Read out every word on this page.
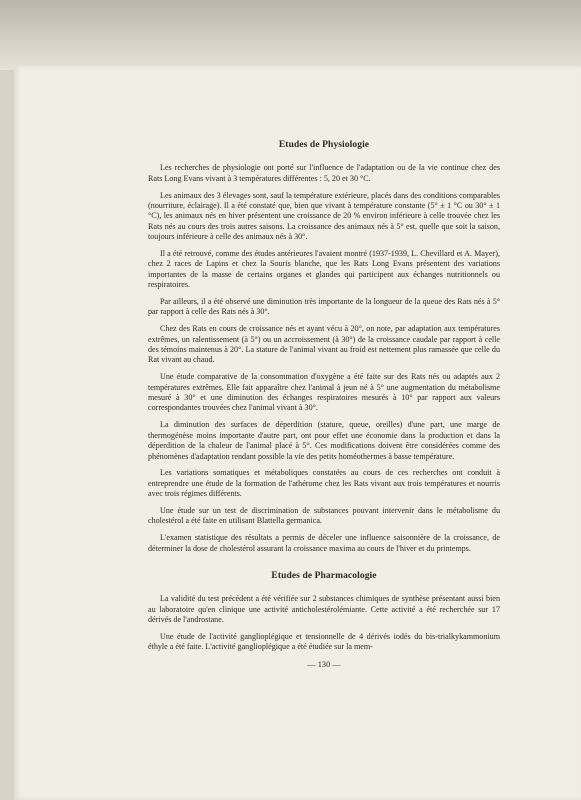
Etudes de Physiologie

Les recherches de physiologie ont porté sur l'influence de l'adaptation ou de la vie continue chez des Rats Long Evans vivant à 3 températures différentes : 5, 20 et 30 °C.

Les animaux des 3 élevages sont, sauf la température extérieure, placés dans des conditions comparables (nourriture, éclairage). Il a été constaté que, bien que vivant à température constante (5° ± 1 °C ou 30° ± 1 °C), les animaux nés en hiver présentent une croissance de 20 % environ inférieure à celle trouvée chez les Rats nés au cours des trois autres saisons. La croissance des animaux nés à 5° est, quelle que soit la saison, toujours inférieure à celle des animaux nés à 30°.

Il a été retrouvé, comme des études antérieures l'avaient montré (1937-1939, L. Chevillard et A. Mayer), chez 2 races de Lapins et chez la Souris blanche, que les Rats Long Evans présentent des variations importantes de la masse de certains organes et glandes qui participent aux échanges nutritionnels ou respiratoires.

Par ailleurs, il a été observé une diminution très importante de la longueur de la queue des Rats nés à 5° par rapport à celle des Rats nés à 30°.

Chez des Rats en cours de croissance nés et ayant vécu à 20°, on note, par adaptation aux températures extrêmes, un ralentissement (à 5°) ou un accroissement (à 30°) de la croissance caudale par rapport à celle des témoins maintenus à 20°. La stature de l'animal vivant au froid est nettement plus ramassée que celle du Rat vivant au chaud.

Une étude comparative de la consommation d'oxygène a été faite sur des Rats nés ou adaptés aux 2 températures extrêmes. Elle fait apparaître chez l'animal à jeun né à 5° une augmentation du métabolisme mesuré à 30° et une diminution des échanges respiratoires mesurés à 10° par rapport aux valeurs correspondantes trouvées chez l'animal vivant à 30°.

La diminution des surfaces de déperdition (stature, queue, oreilles) d'une part, une marge de thermogénèse moins importante d'autre part, ont pour effet une économie dans la production et dans la déperdition de la chaleur de l'animal placé à 5°. Ces modifications doivent être considérées comme des phénomènes d'adaptation rendant possible la vie des petits homéothermes à basse température.

Les variations somatiques et métaboliques constatées au cours de ces recherches ont conduit à entreprendre une étude de la formation de l'athérome chez les Rats vivant aux trois températures et nourris avec trois régimes différents.

Une étude sur un test de discrimination de substances pouvant intervenir dans le métabolisme du cholestérol a été faite en utilisant Blattella germanica.

L'examen statistique des résultats a permis de déceler une influence saisonnière de la croissance, de déterminer la dose de cholestérol assurant la croissance maxima au cours de l'hiver et du printemps.

Etudes de Pharmacologie

La validité du test précédent a été vérifiée sur 2 substances chimiques de synthèse présentant aussi bien au laboratoire qu'en clinique une activité anticholestérolémiante. Cette activité a été recherchée sur 17 dérivés de l'androstane.

Une étude de l'activité ganglioplégique et tensionnelle de 4 dérivés iodés du bis-trialkykammonium éthyle a été faite. L'activité ganglioplégique a été étudiée sur la mem-

— 130 —
